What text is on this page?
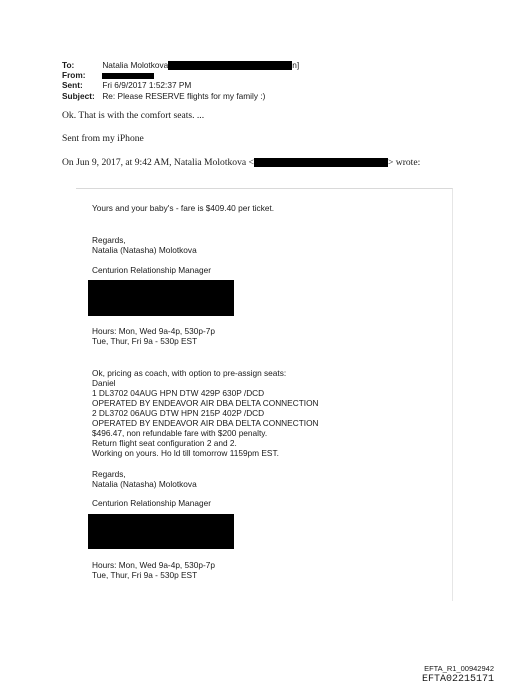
To:	Natalia Molotkova	n]
From:
Sent: Fri 6/9/2017 1:52:37 PM
Subject: Re: Please RESERVE flights for my family :)
Ok. That is with the comfort seats. ...
Sent from my iPhone
On Jun 9, 2017, at 9:42 AM, Natalia Molotkova <	> wrote:
Yours and your baby's - fare is $409.40 per ticket.
Regards,
Natalia (Natasha) Molotkova
Centurion Relationship Manager
Hours: Mon, Wed 9a-4p, 530p-7p
Tue, Thur, Fri 9a - 530p EST
Ok, pricing as coach, with option to pre-assign seats:
Daniel
1 DL3702 04AUG HPN DTW 429P 630P /DCD
OPERATED BY ENDEAVOR AIR DBA DELTA CONNECTION
2 DL3702 06AUG DTW HPN 215P 402P /DCD
OPERATED BY ENDEAVOR AIR DBA DELTA CONNECTION
$496.47, non refundable fare with $200 penalty.
Return flight seat configuration 2 and 2.
Working on yours. Ho ld till tomorrow 1159pm EST.
Regards,
Natalia (Natasha) Molotkova
Centurion Relationship Manager
Hours: Mon, Wed 9a-4p, 530p-7p
Tue, Thur, Fri 9a - 530p EST
EFTA_R1_00942942
EFTA02215171
